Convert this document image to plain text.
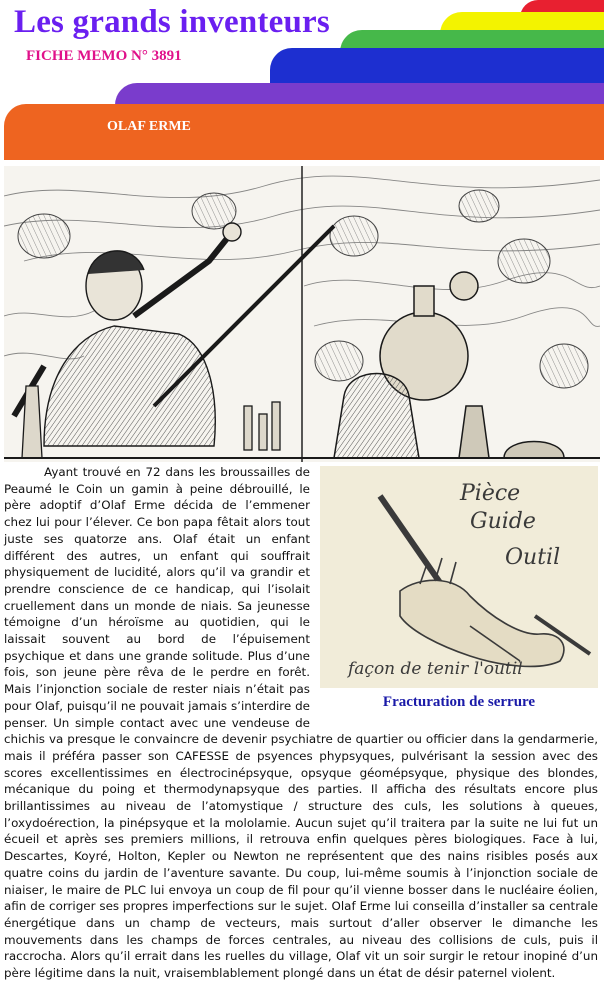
Les grands inventeurs
FICHE MEMO N° 3891
OLAF ERME
Pièce
Guide
Outil
façon de tenir l'outil
Fracturation de serrure

Ayant trouvé en 72 dans les broussailles de Peaumé le Coin un gamin à peine débrouillé, le père adoptif d’Olaf Erme décida de l’emmener chez lui pour l’élever. Ce bon papa fêtait alors tout juste ses quatorze ans. Olaf était un enfant différent des autres, un enfant qui souffrait physiquement de lucidité, alors qu’il va grandir et prendre conscience de ce handicap, qui l’isolait cruellement dans un monde de niais. Sa jeunesse témoigne d’un héroïsme au quotidien, qui le laissait souvent au bord de l’épuisement psychique et dans une grande solitude. Plus d’une fois, son jeune père rêva de le perdre en forêt. Mais l’injonction sociale de rester niais n’était pas pour Olaf, puisqu’il ne pouvait jamais s’interdire de penser. Un simple contact avec une vendeuse de chichis va presque le convaincre de devenir psychiatre de quartier ou officier dans la gendarmerie, mais il préféra passer son CAFESSE de psyences phypsyques, pulvérisant la session avec des scores excellentissimes en électrocinépsyque, opsyque géomépsyque, physique des blondes, mécanique du poing et thermodynapsyque des parties. Il afficha des résultats encore plus brillantissimes au niveau de l’atomystique / structure des culs, les solutions à queues, l’oxydoérection, la pinépsyque et la mololamie. Aucun sujet qu’il traitera par la suite ne lui fut un écueil et après ses premiers millions, il retrouva enfin quelques pères biologiques. Face à lui, Descartes, Koyré, Holton, Kepler ou Newton ne représentent que des nains risibles posés aux quatre coins du jardin de l’aventure savante. Du coup, lui-même soumis à l’injonction sociale de niaiser, le maire de PLC lui envoya un coup de fil pour qu’il vienne bosser dans le nucléaire éolien, afin de corriger ses propres imperfections sur le sujet. Olaf Erme lui conseilla d’installer sa centrale énergétique dans un champ de vecteurs, mais surtout d’aller observer le dimanche les mouvements dans les champs de forces centrales, au niveau des collisions de culs, puis il raccrocha. Alors qu’il errait dans les ruelles du village, Olaf vit un soir surgir le retour inopiné d’un père légitime dans la nuit, vraisemblablement plongé dans un état de désir paternel violent.
